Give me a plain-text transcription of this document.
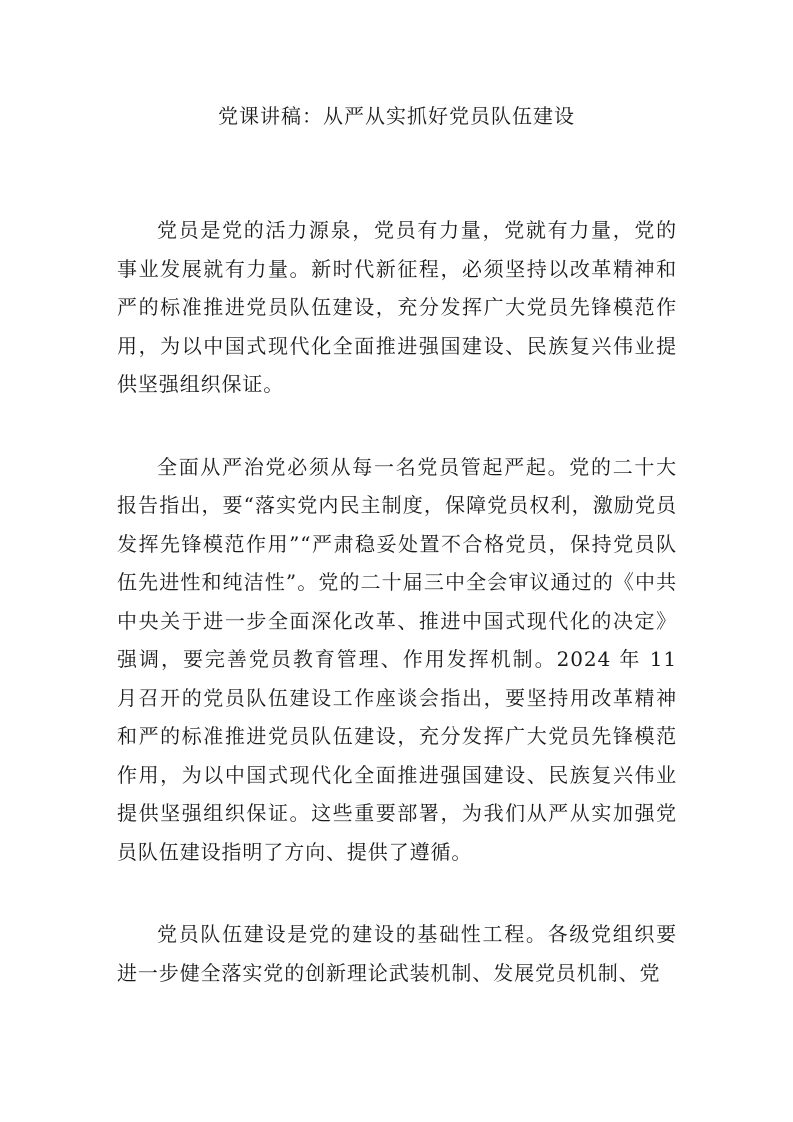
党课讲稿：从严从实抓好党员队伍建设

党员是党的活力源泉，党员有力量，党就有力量，党的事业发展就有力量。新时代新征程，必须坚持以改革精神和严的标准推进党员队伍建设，充分发挥广大党员先锋模范作用，为以中国式现代化全面推进强国建设、民族复兴伟业提供坚强组织保证。

全面从严治党必须从每一名党员管起严起。党的二十大报告指出，要“落实党内民主制度，保障党员权利，激励党员发挥先锋模范作用”“严肃稳妥处置不合格党员，保持党员队伍先进性和纯洁性”。党的二十届三中全会审议通过的《中共中央关于进一步全面深化改革、推进中国式现代化的决定》强调，要完善党员教育管理、作用发挥机制。2024 年 11 月召开的党员队伍建设工作座谈会指出，要坚持用改革精神和严的标准推进党员队伍建设，充分发挥广大党员先锋模范作用，为以中国式现代化全面推进强国建设、民族复兴伟业提供坚强组织保证。这些重要部署，为我们从严从实加强党员队伍建设指明了方向、提供了遵循。

党员队伍建设是党的建设的基础性工程。各级党组织要进一步健全落实党的创新理论武装机制、发展党员机制、党
